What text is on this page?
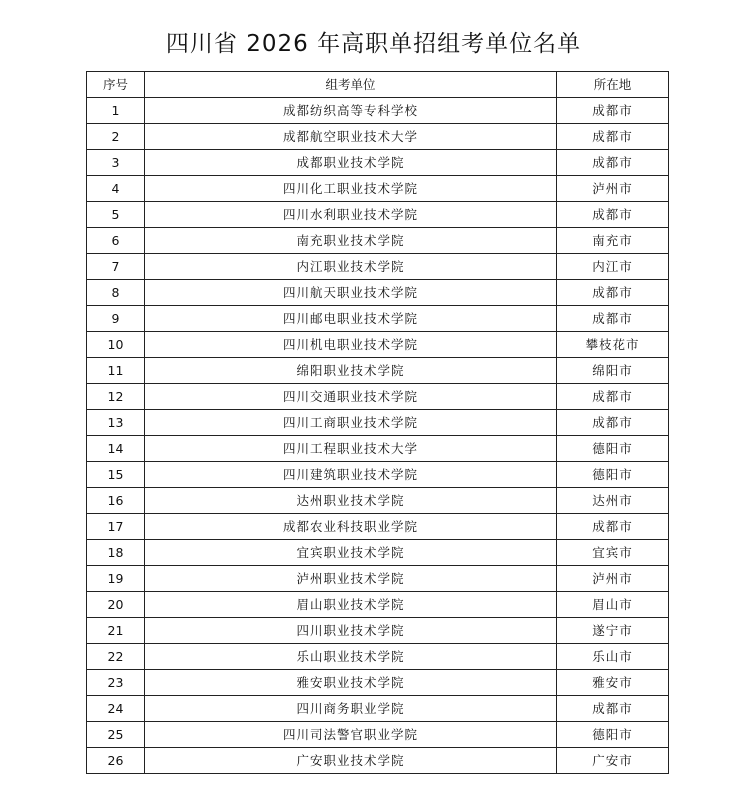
四川省 2026 年高职单招组考单位名单
序号	组考单位	所在地
1	成都纺织高等专科学校	成都市
2	成都航空职业技术大学	成都市
3	成都职业技术学院	成都市
4	四川化工职业技术学院	泸州市
5	四川水利职业技术学院	成都市
6	南充职业技术学院	南充市
7	内江职业技术学院	内江市
8	四川航天职业技术学院	成都市
9	四川邮电职业技术学院	成都市
10	四川机电职业技术学院	攀枝花市
11	绵阳职业技术学院	绵阳市
12	四川交通职业技术学院	成都市
13	四川工商职业技术学院	成都市
14	四川工程职业技术大学	德阳市
15	四川建筑职业技术学院	德阳市
16	达州职业技术学院	达州市
17	成都农业科技职业学院	成都市
18	宜宾职业技术学院	宜宾市
19	泸州职业技术学院	泸州市
20	眉山职业技术学院	眉山市
21	四川职业技术学院	遂宁市
22	乐山职业技术学院	乐山市
23	雅安职业技术学院	雅安市
24	四川商务职业学院	成都市
25	四川司法警官职业学院	德阳市
26	广安职业技术学院	广安市
